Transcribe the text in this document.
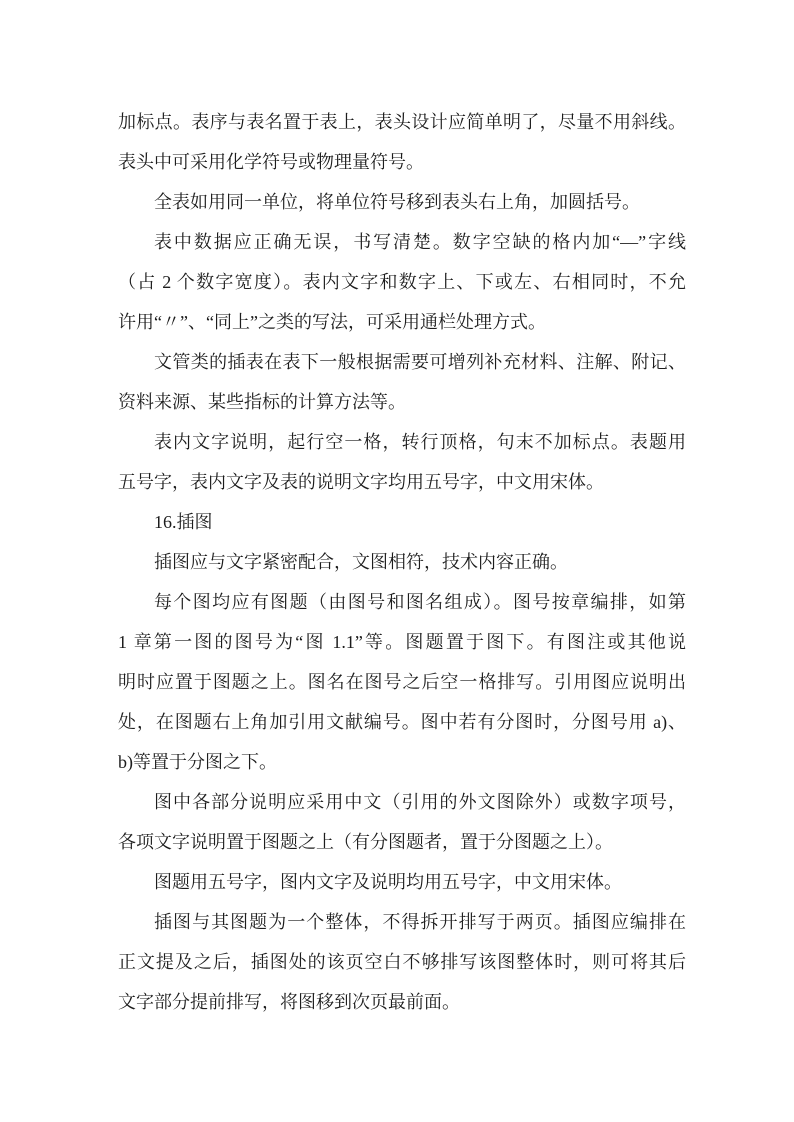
加标点。表序与表名置于表上，表头设计应简单明了，尽量不用斜线。
表头中可采用化学符号或物理量符号。
全表如用同一单位，将单位符号移到表头右上角，加圆括号。
表中数据应正确无误，书写清楚。数字空缺的格内加“—”字线
（占 2 个数字宽度）。表内文字和数字上、下或左、右相同时，不允
许用“〃”、“同上”之类的写法，可采用通栏处理方式。
文管类的插表在表下一般根据需要可增列补充材料、注解、附记、
资料来源、某些指标的计算方法等。
表内文字说明，起行空一格，转行顶格，句末不加标点。表题用
五号字，表内文字及表的说明文字均用五号字，中文用宋体。
16.插图
插图应与文字紧密配合，文图相符，技术内容正确。
每个图均应有图题（由图号和图名组成）。图号按章编排，如第
1 章第一图的图号为“图 1.1”等。图题置于图下。有图注或其他说
明时应置于图题之上。图名在图号之后空一格排写。引用图应说明出
处，在图题右上角加引用文献编号。图中若有分图时，分图号用 a)、
b)等置于分图之下。
图中各部分说明应采用中文（引用的外文图除外）或数字项号，
各项文字说明置于图题之上（有分图题者，置于分图题之上）。
图题用五号字，图内文字及说明均用五号字，中文用宋体。
插图与其图题为一个整体，不得拆开排写于两页。插图应编排在
正文提及之后，插图处的该页空白不够排写该图整体时，则可将其后
文字部分提前排写，将图移到次页最前面。
